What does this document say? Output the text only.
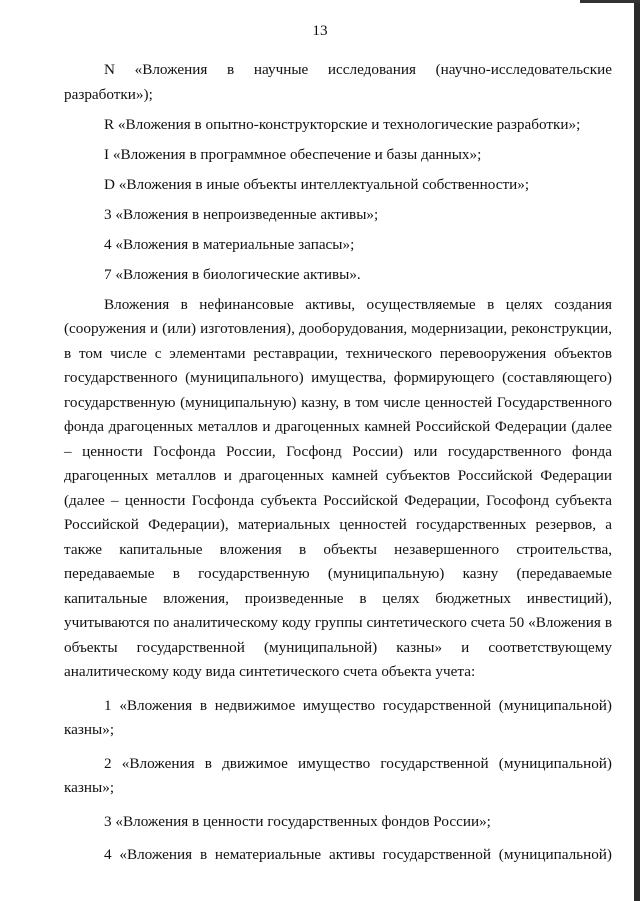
13

N «Вложения в научные исследования (научно-исследовательские разработки»);

R «Вложения в опытно-конструкторские и технологические разработки»;

I «Вложения в программное обеспечение и базы данных»;

D «Вложения в иные объекты интеллектуальной собственности»;

3 «Вложения в непроизведенные активы»;

4 «Вложения в материальные запасы»;

7 «Вложения в биологические активы».

Вложения в нефинансовые активы, осуществляемые в целях создания (сооружения и (или) изготовления), дооборудования, модернизации, реконструкции, в том числе с элементами реставрации, технического перевооружения объектов государственного (муниципального) имущества, формирующего (составляющего) государственную (муниципальную) казну, в том числе ценностей Государственного фонда драгоценных металлов и драгоценных камней Российской Федерации (далее – ценности Госфонда России, Госфонд России) или государственного фонда драгоценных металлов и драгоценных камней субъектов Российской Федерации (далее – ценности Госфонда субъекта Российской Федерации, Гософонд субъекта Российской Федерации), материальных ценностей государственных резервов, а также капитальные вложения в объекты незавершенного строительства, передаваемые в государственную (муниципальную) казну (передаваемые капитальные вложения, произведенные в целях бюджетных инвестиций), учитываются по аналитическому коду группы синтетического счета 50 «Вложения в объекты государственной (муниципальной) казны» и соответствующему аналитическому коду вида синтетического счета объекта учета:

1 «Вложения в недвижимое имущество государственной (муниципальной) казны»;

2 «Вложения в движимое имущество государственной (муниципальной) казны»;

3 «Вложения в ценности государственных фондов России»;

4 «Вложения в нематериальные активы государственной (муниципальной)
